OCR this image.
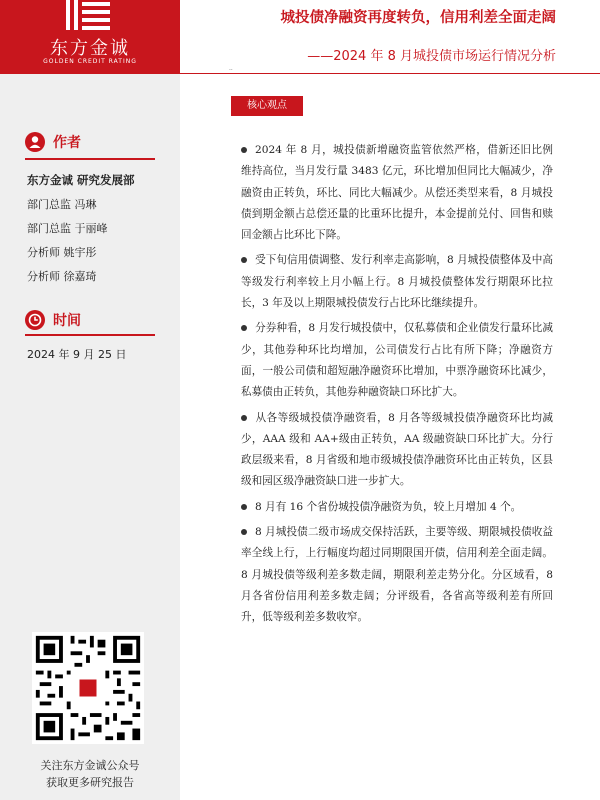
东方金诚
GOLDEN CREDIT RATING
城投债净融资再度转负，信用利差全面走阔
——2024 年 8 月城投债市场运行情况分析
..
作者
东方金诚 研究发展部
部门总监 冯琳
部门总监 于丽峰
分析师 姚宇彤
分析师 徐嘉琦
时间
2024 年 9 月 25 日
关注东方金诚公众号
获取更多研究报告
核心观点
2024 年 8 月，城投债新增融资监管依然严格，借新还旧比例维持高位，当月发行量 3483 亿元，环比增加但同比大幅减少，净融资由正转负，环比、同比大幅减少。从偿还类型来看，8 月城投债到期金额占总偿还量的比重环比提升，本金提前兑付、回售和赎回金额占比环比下降。
受下旬信用债调整、发行利率走高影响，8 月城投债整体及中高等级发行利率较上月小幅上行。8 月城投债整体发行期限环比拉长，3 年及以上期限城投债发行占比环比继续提升。
分券种看，8 月发行城投债中，仅私募债和企业债发行量环比减少，其他券种环比均增加，公司债发行占比有所下降；净融资方面，一般公司债和超短融净融资环比增加，中票净融资环比减少，私募债由正转负，其他券种融资缺口环比扩大。
从各等级城投债净融资看，8 月各等级城投债净融资环比均减少，AAA 级和 AA+级由正转负，AA 级融资缺口环比扩大。分行政层级来看，8 月省级和地市级城投债净融资环比由正转负，区县级和园区级净融资缺口进一步扩大。
8 月有 16 个省份城投债净融资为负，较上月增加 4 个。
8 月城投债二级市场成交保持活跃，主要等级、期限城投债收益率全线上行，上行幅度均超过同期限国开债，信用利差全面走阔。8 月城投债等级利差多数走阔，期限利差走势分化。分区域看，8 月各省份信用利差多数走阔；分评级看，各省高等级利差有所回升，低等级利差多数收窄。
